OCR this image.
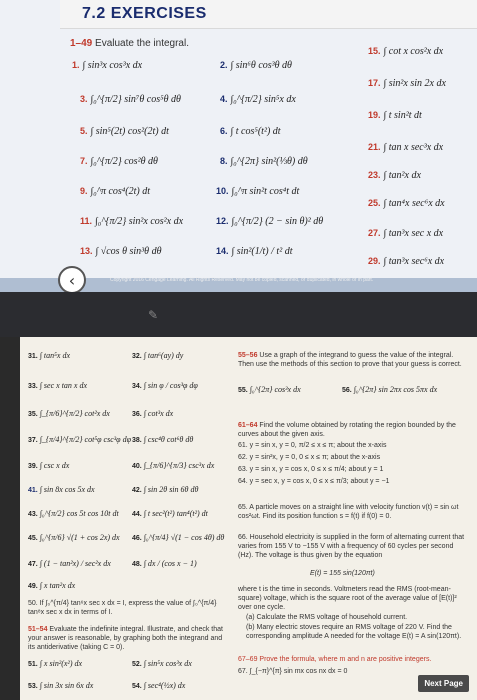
7.2 EXERCISES
1–49 Evaluate the integral.
1. ∫ sin³x cos³x dx	2. ∫ sin⁶θ cos³θ dθ
3. ∫₀^{π/2} sin⁷θ cos⁵θ dθ	4. ∫₀^{π/2} sin⁵x dx
5. ∫ sin⁵(2t) cos²(2t) dt	6. ∫ t cos⁵(t²) dt
7. ∫₀^{π/2} cos²θ dθ	8. ∫₀^{2π} sin²(⅓θ) dθ
9. ∫₀^π cos⁴(2t) dt	10. ∫₀^π sin²t cos⁴t dt
11. ∫₀^{π/2} sin²x cos²x dx	12. ∫₀^{π/2} (2 − sin θ)² dθ
13. ∫ √cos θ sin³θ dθ	14. ∫ sin²(1/t) / t² dt
15. ∫ cot x cos²x dx
17. ∫ sin²x sin 2x dx
19. ∫ t sin²t dt
21. ∫ tan x sec³x dx
23. ∫ tan²x dx
25. ∫ tan⁴x sec⁶x dx
27. ∫ tan³x sec x dx
29. ∫ tan³x sec⁶x dx
Copyright 2016 Cengage Learning. All Rights Reserved. May not be copied, scanned, or duplicated, in whole or in part.
‹
✎
31. ∫ tan⁵x dx	32. ∫ tan⁶(ay) dy
33. ∫ sec x tan x dx	34. ∫ sin φ / cos³φ dφ
35. ∫_{π/6}^{π/2} cot²x dx	36. ∫ cot³x dx
37. ∫_{π/4}^{π/2} cot⁵φ csc³φ dφ 38. ∫ csc⁴θ cot⁶θ dθ
39. ∫ csc x dx	40. ∫_{π/6}^{π/3} csc³x dx
41. ∫ sin 8x cos 5x dx	42. ∫ sin 2θ sin 6θ dθ
43. ∫₀^{π/2} cos 5t cos 10t dt 44. ∫ t sec²(t²) tan⁴(t²) dt
45. ∫₀^{π/6} √(1 + cos 2x) dx 46. ∫₀^{π/4} √(1 − cos 4θ) dθ
47. ∫ (1 − tan²x) / sec²x dx	48. ∫ dx / (cos x − 1)
49. ∫ x tan²x dx
50. If ∫₀^{π/4} tan⁶x sec x dx = I, express the value of ∫₀^{π/4} tan⁸x sec x dx in terms of I.
51–54 Evaluate the indefinite integral. Illustrate, and check that your answer is reasonable, by graphing both the integrand and its antiderivative (taking C = 0).
51. ∫ x sin²(x²) dx	52. ∫ sin⁵x cos³x dx
53. ∫ sin 3x sin 6x dx	54. ∫ sec⁴(½x) dx
55–56 Use a graph of the integrand to guess the value of the integral. Then use the methods of this section to prove that your guess is correct.
55. ∫₀^{2π} cos³x dx	56. ∫₀^{2π} sin 2πx cos 5πx dx
61–64 Find the volume obtained by rotating the region bounded by the curves about the given axis.
61. y = sin x, y = 0, π/2 ≤ x ≤ π; about the x-axis
62. y = sin²x, y = 0, 0 ≤ x ≤ π; about the x-axis
63. y = sin x, y = cos x, 0 ≤ x ≤ π/4; about y = 1
64. y = sec x, y = cos x, 0 ≤ x ≤ π/3; about y = −1
65. A particle moves on a straight line with velocity function v(t) = sin ωt cos²ωt. Find its position function s = f(t) if f(0) = 0.
66. Household electricity is supplied in the form of alternating current that varies from 155 V to −155 V with a frequency of 60 cycles per second (Hz). The voltage is thus given by the equation
E(t) = 155 sin(120πt)
where t is the time in seconds. Voltmeters read the RMS (root-mean-square) voltage, which is the square root of the average value of [E(t)]² over one cycle.
(a) Calculate the RMS voltage of household current.
(b) Many electric stoves require an RMS voltage of 220 V. Find the corresponding amplitude A needed for the voltage E(t) = A sin(120πt).
67–69 Prove the formula, where m and n are positive integers.
67. ∫_{−π}^{π} sin mx cos nx dx = 0
Next Page
